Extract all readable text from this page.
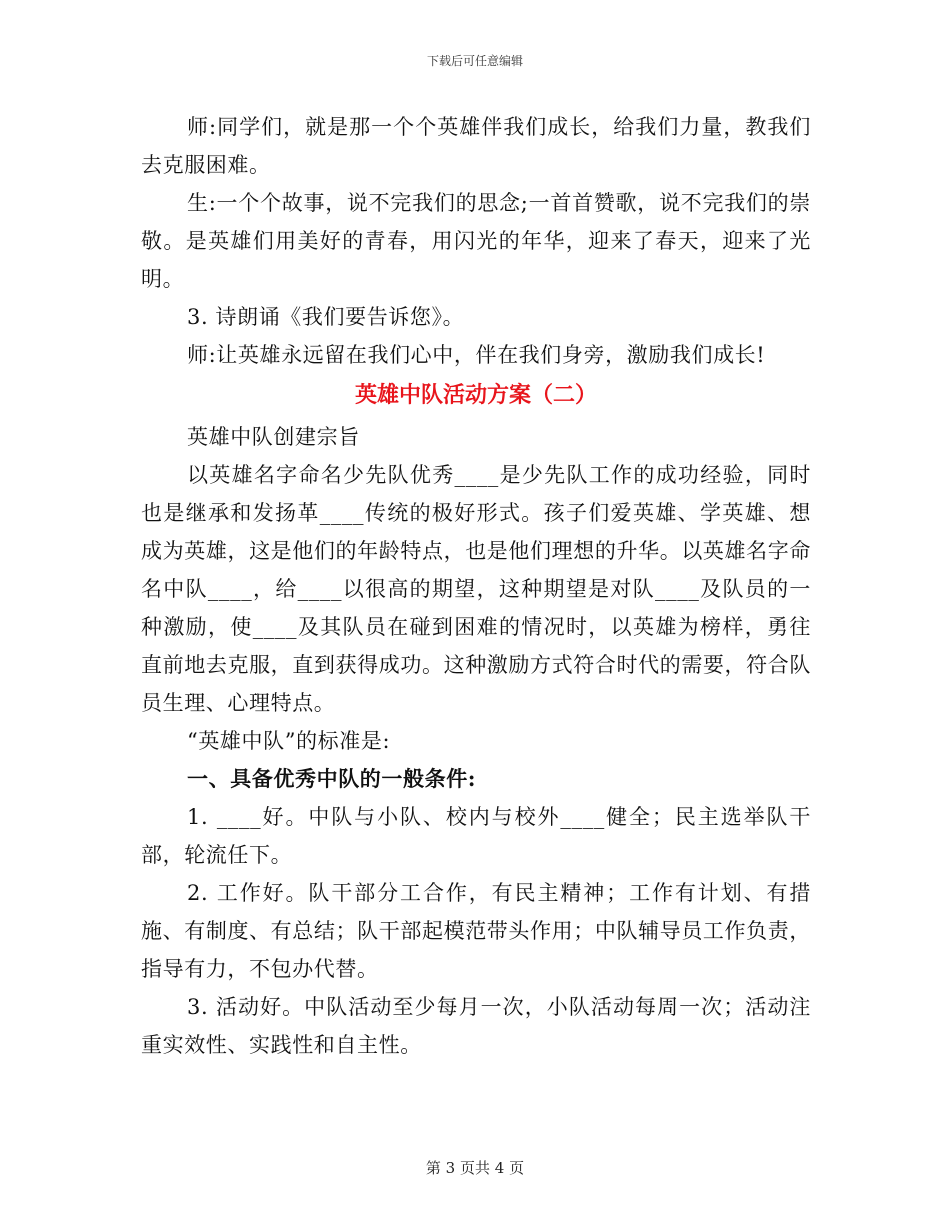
下载后可任意编辑

师:同学们，就是那一个个英雄伴我们成长，给我们力量，教我们去克服困难。

生:一个个故事，说不完我们的思念;一首首赞歌，说不完我们的崇敬。是英雄们用美好的青春，用闪光的年华，迎来了春天，迎来了光明。

3. 诗朗诵《我们要告诉您》。

师:让英雄永远留在我们心中，伴在我们身旁，激励我们成长!

英雄中队活动方案（二）

英雄中队创建宗旨

以英雄名字命名少先队优秀____是少先队工作的成功经验，同时也是继承和发扬革____传统的极好形式。孩子们爱英雄、学英雄、想成为英雄，这是他们的年龄特点，也是他们理想的升华。以英雄名字命名中队____，给____以很高的期望，这种期望是对队____及队员的一种激励，使____及其队员在碰到困难的情况时，以英雄为榜样，勇往直前地去克服，直到获得成功。这种激励方式符合时代的需要，符合队员生理、心理特点。

“英雄中队”的标准是:

一、具备优秀中队的一般条件:

1. ____好。中队与小队、校内与校外____健全；民主选举队干部，轮流任下。

2. 工作好。队干部分工合作，有民主精神；工作有计划、有措施、有制度、有总结；队干部起模范带头作用；中队辅导员工作负责，指导有力，不包办代替。

3. 活动好。中队活动至少每月一次，小队活动每周一次；活动注重实效性、实践性和自主性。

第 3 页共 4 页
